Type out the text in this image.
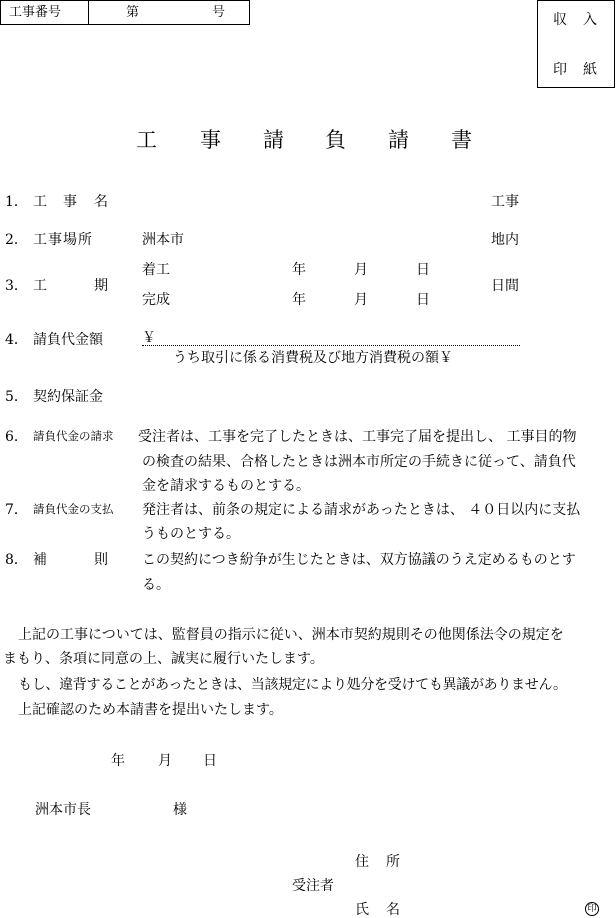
工事番号	第	号	収 入
印 紙
工 事 請 負 請 書
1． 工 事 名	工事
2． 工事場所	洲本市	地内
3． 工	期
着工	年	月	日
完成	年	月	日
日間
4． 請負代金額	￥
うち取引に係る消費税及び地方消費税の額￥
5． 契約保証金
6． 請負代金の請求 受注者は、工事を完了したときは、工事完了届を提出し、 工事目的物
の検査の結果、合格したときは洲本市所定の手続きに従って、請負代
金を請求するものとする。
7． 請負代金の支払 発注者は、前条の規定による請求があったときは、 ４０日以内に支払
うものとする。
8． 補	則 この契約につき紛争が生じたときは、双方協議のうえ定めるものとす
る。
上記の工事については、監督員の指示に従い、洲本市契約規則その他関係法令の規定を
まもり、条項に同意の上、誠実に履行いたします。
もし、違背することがあったときは、当該規定により処分を受けても異議がありません。
上記確認のため本請書を提出いたします。
年 月 日
洲本市長	様
住 所
受注者
氏 名	印
